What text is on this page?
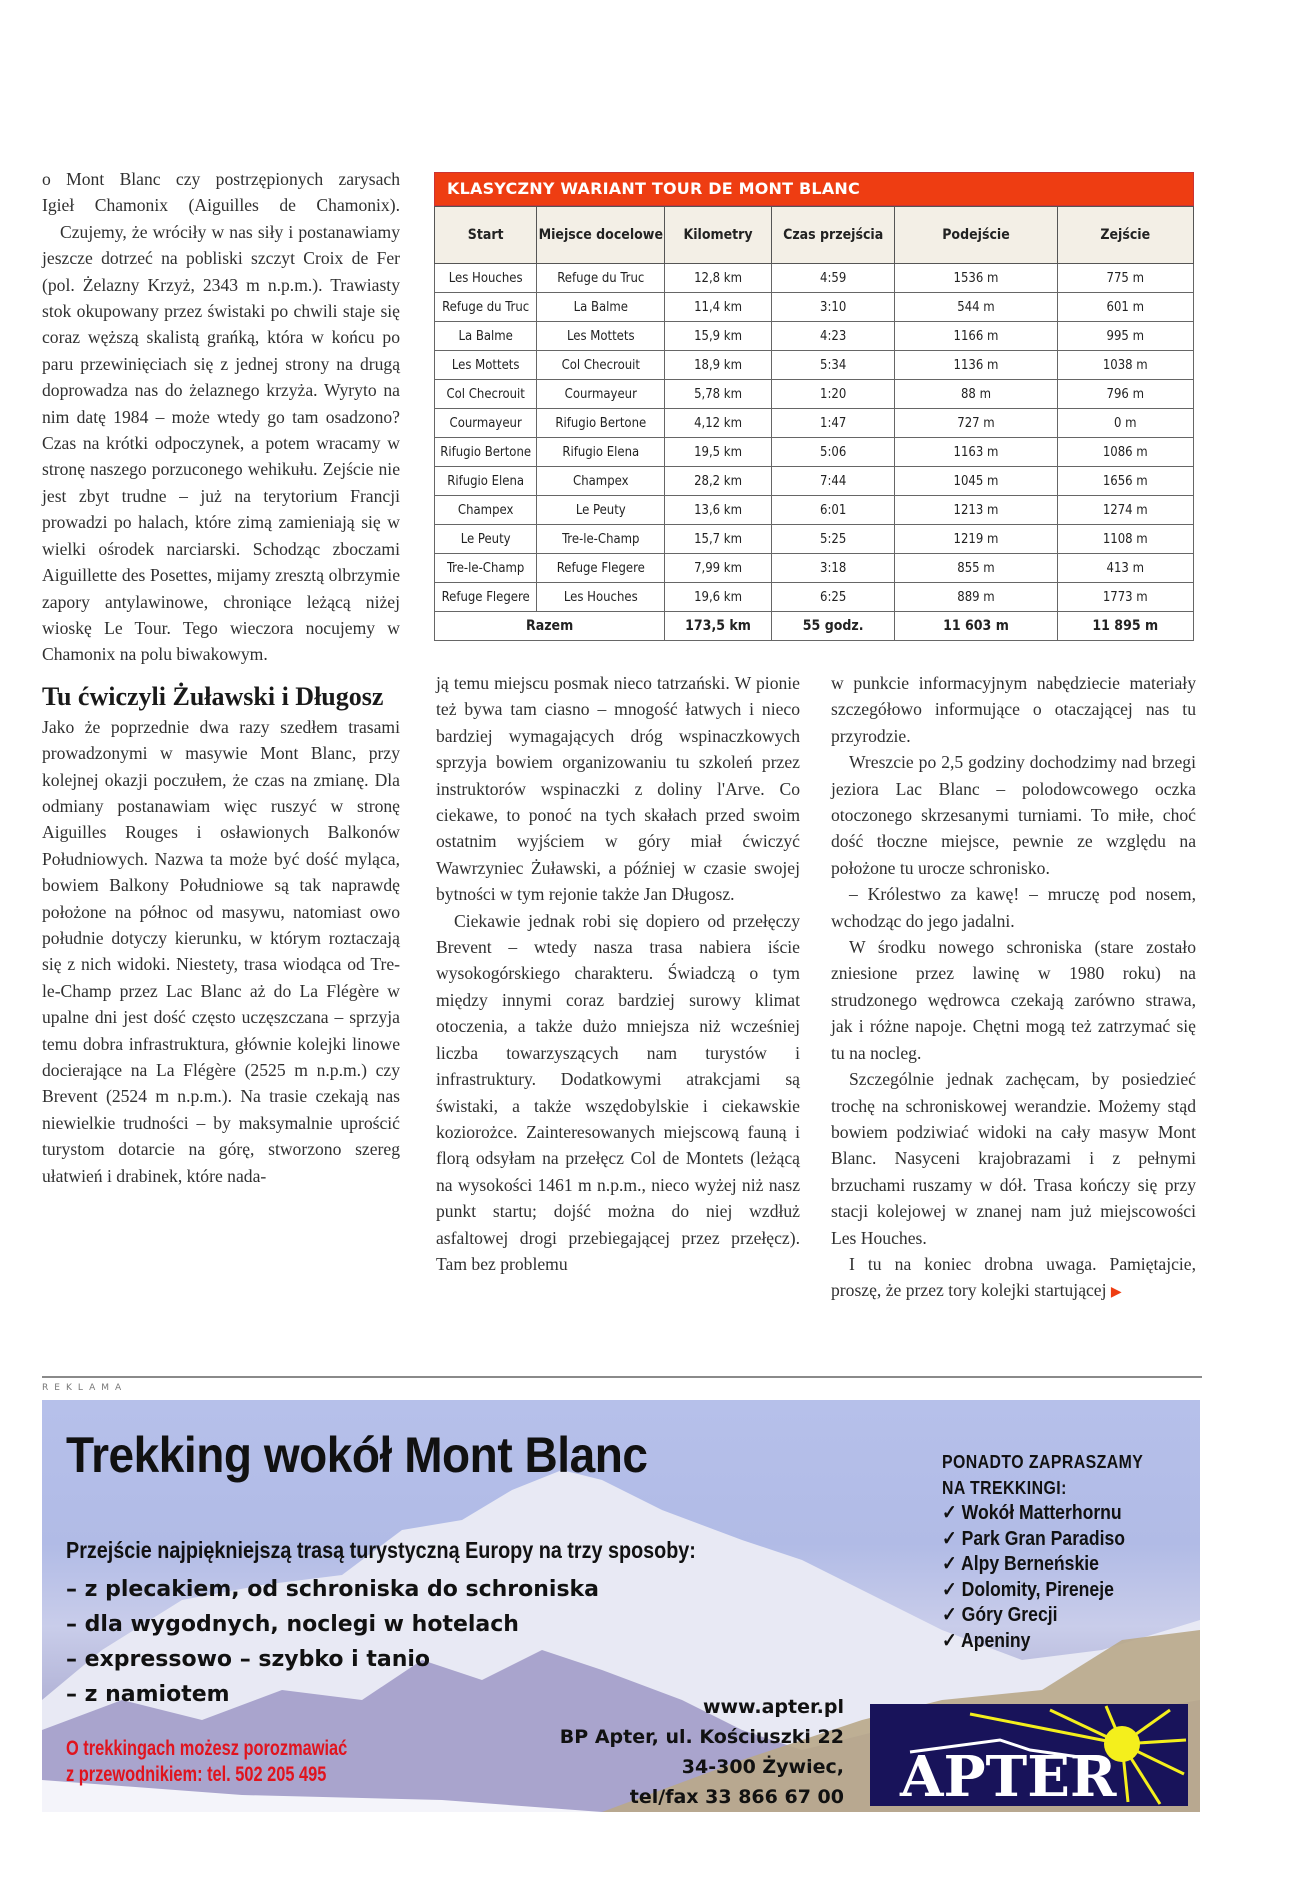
o Mont Blanc czy postrzępionych zarysach
Igieł Chamonix (Aiguilles de Chamonix).

Czujemy, że wróciły w nas siły i postanawiamy jeszcze dotrzeć na pobliski szczyt Croix de Fer (pol. Żelazny Krzyż, 2343 m n.p.m.). Trawiasty stok okupowany przez świstaki po chwili staje się coraz węższą skalistą grańką, która w końcu po paru przewinięciach się z jednej strony na drugą doprowadza nas do żelaznego krzyża. Wyryto na nim datę 1984 – może wtedy go tam osadzono? Czas na krótki odpoczynek, a potem wracamy w stronę naszego porzuconego wehikułu. Zejście nie jest zbyt trudne – już na terytorium Francji prowadzi po halach, które zimą zamieniają się w wielki ośrodek narciarski. Schodząc zboczami Aiguillette des Posettes, mijamy zresztą olbrzymie zapory antylawinowe, chroniące leżącą niżej wioskę Le Tour. Tego wieczora nocujemy w Chamonix na polu biwakowym.

Tu ćwiczyli Żuławski i Długosz

Jako że poprzednie dwa razy szedłem trasami prowadzonymi w masywie Mont Blanc, przy kolejnej okazji poczułem, że czas na zmianę. Dla odmiany postanawiam więc ruszyć w stronę Aiguilles Rouges i osławionych Balkonów Południowych. Nazwa ta może być dość myląca, bowiem Balkony Południowe są tak naprawdę położone na północ od masywu, natomiast owo południe dotyczy kierunku, w którym roztaczają się z nich widoki. Niestety, trasa wiodąca od Tre-le-Champ przez Lac Blanc aż do La Flégère w upalne dni jest dość często uczęszczana – sprzyja temu dobra infrastruktura, głównie kolejki linowe docierające na La Flégère (2525 m n.p.m.) czy Brevent (2524 m n.p.m.). Na trasie czekają nas niewielkie trudności – by maksymalnie uprościć turystom dotarcie na górę, stworzono szereg ułatwień i drabinek, które nada-

KLASYCZNY WARIANT TOUR DE MONT BLANC
Start	Miejsce docelowe	Kilometry	Czas przejścia	Podejście	Zejście
Les Houches	Refuge du Truc	12,8 km	4:59	1536 m	775 m
Refuge du Truc	La Balme	11,4 km	3:10	544 m	601 m
La Balme	Les Mottets	15,9 km	4:23	1166 m	995 m
Les Mottets	Col Checrouit	18,9 km	5:34	1136 m	1038 m
Col Checrouit	Courmayeur	5,78 km	1:20	88 m	796 m
Courmayeur	Rifugio Bertone	4,12 km	1:47	727 m	0 m
Rifugio Bertone	Rifugio Elena	19,5 km	5:06	1163 m	1086 m
Rifugio Elena	Champex	28,2 km	7:44	1045 m	1656 m
Champex	Le Peuty	13,6 km	6:01	1213 m	1274 m
Le Peuty	Tre-le-Champ	15,7 km	5:25	1219 m	1108 m
Tre-le-Champ	Refuge Flegere	7,99 km	3:18	855 m	413 m
Refuge Flegere	Les Houches	19,6 km	6:25	889 m	1773 m
Razem		173,5 km	55 godz.	11 603 m	11 895 m

ją temu miejscu posmak nieco tatrzański. W pionie też bywa tam ciasno – mnogość łatwych i nieco bardziej wymagających dróg wspinaczkowych sprzyja bowiem organizowaniu tu szkoleń przez instruktorów wspinaczki z doliny l'Arve. Co ciekawe, to ponoć na tych skałach przed swoim ostatnim wyjściem w góry miał ćwiczyć Wawrzyniec Żuławski, a później w czasie swojej bytności w tym rejonie także Jan Długosz.

Ciekawie jednak robi się dopiero od przełęczy Brevent – wtedy nasza trasa nabiera iście wysokogórskiego charakteru. Świadczą o tym między innymi coraz bardziej surowy klimat otoczenia, a także dużo mniejsza niż wcześniej liczba towarzyszących nam turystów i infrastruktury. Dodatkowymi atrakcjami są świstaki, a także wszędobylskie i ciekawskie koziorożce. Zainteresowanych miejscową fauną i florą odsyłam na przełęcz Col de Montets (leżącą na wysokości 1461 m n.p.m., nieco wyżej niż nasz punkt startu; dojść można do niej wzdłuż asfaltowej drogi przebiegającej przez przełęcz). Tam bez problemu

w punkcie informacyjnym nabędziecie materiały szczegółowo informujące o otaczającej nas tu przyrodzie.

Wreszcie po 2,5 godziny dochodzimy nad brzegi jeziora Lac Blanc – polodowcowego oczka otoczonego skrzesanymi turniami. To miłe, choć dość tłoczne miejsce, pewnie ze względu na położone tu urocze schronisko.

– Królestwo za kawę! – mruczę pod nosem, wchodząc do jego jadalni.

W środku nowego schroniska (stare zostało zniesione przez lawinę w 1980 roku) na strudzonego wędrowca czekają zarówno strawa, jak i różne napoje. Chętni mogą też zatrzymać się tu na nocleg.

Szczególnie jednak zachęcam, by posiedzieć trochę na schroniskowej werandzie. Możemy stąd bowiem podziwiać widoki na cały masyw Mont Blanc. Nasyceni krajobrazami i z pełnymi brzuchami ruszamy w dół. Trasa kończy się przy stacji kolejowej w znanej nam już miejscowości Les Houches.

I tu na koniec drobna uwaga. Pamiętajcie, proszę, że przez tory kolejki startującej ▶

REKLAMA
Trekking wokół Mont Blanc
Przejście najpiękniejszą trasą turystyczną Europy na trzy sposoby:
– z plecakiem, od schroniska do schroniska
– dla wygodnych, noclegi w hotelach
– expressowo – szybko i tanio
– z namiotem
O trekkingach możesz porozmawiać
z przewodnikiem: tel. 502 205 495
www.apter.pl
BP Apter, ul. Kościuszki 22
34-300 Żywiec,
tel/fax 33 866 67 00
PONADTO ZAPRASZAMY
NA TREKKINGI:
✓ Wokół Matterhornu
✓ Park Gran Paradiso
✓ Alpy Berneńskie
✓ Dolomity, Pireneje
✓ Góry Grecji
✓ Apeniny
APTER
